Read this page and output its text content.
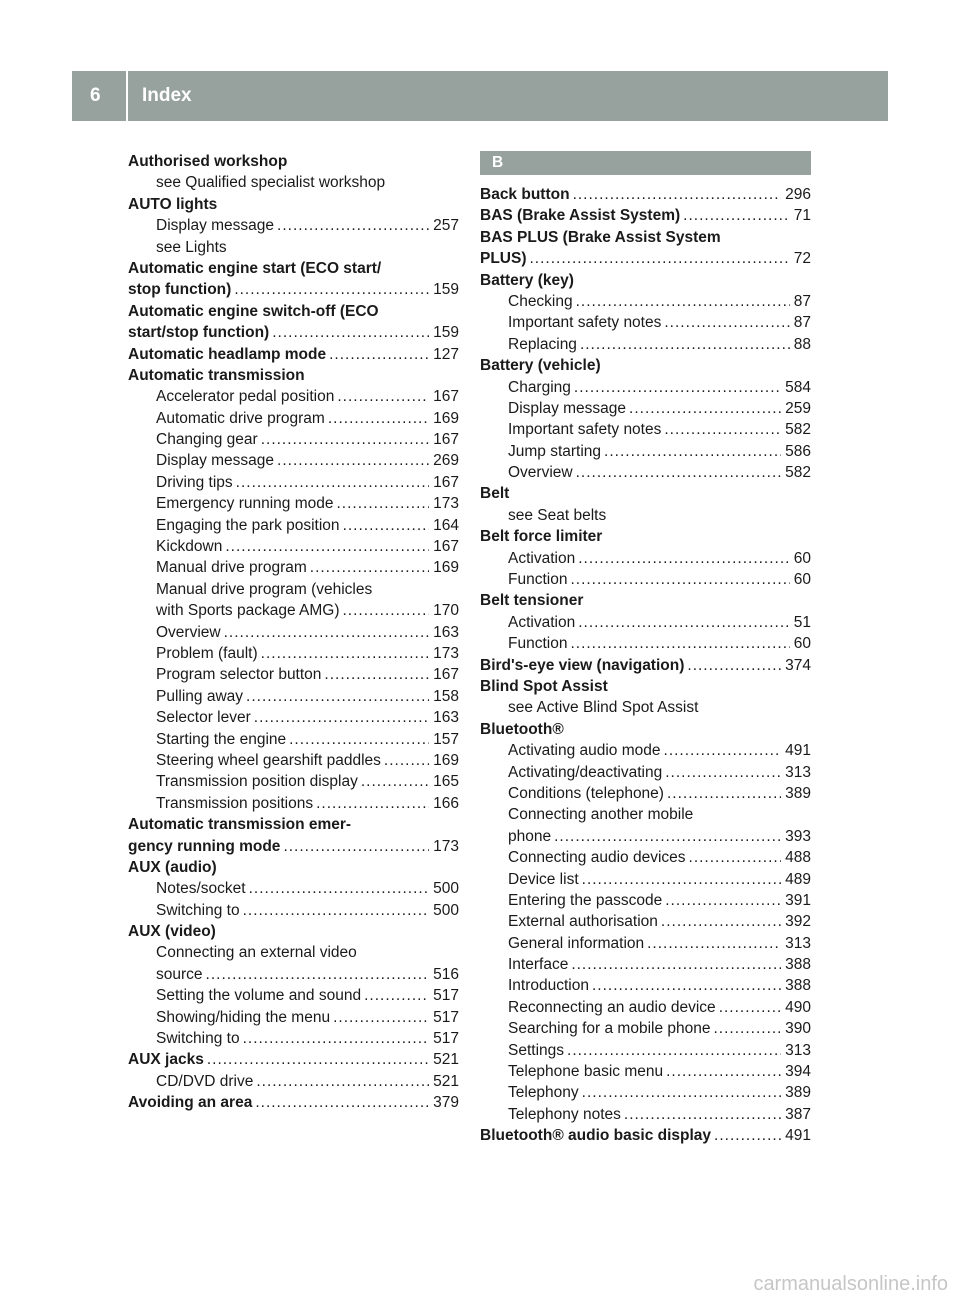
6	Index
Authorised workshop
see Qualified specialist workshop
AUTO lights
Display message .....	257
see Lights
Automatic engine start (ECO start/
stop function) .....	159
Automatic engine switch-off (ECO
start/stop function) .....	159
Automatic headlamp mode .....	127
Automatic transmission
Accelerator pedal position .....	167
Automatic drive program .....	169
Changing gear .....	167
Display message .....	269
Driving tips .....	167
Emergency running mode .....	173
Engaging the park position .....	164
Kickdown .....	167
Manual drive program .....	169
Manual drive program (vehicles
with Sports package AMG) .....	170
Overview .....	163
Problem (fault) .....	173
Program selector button .....	167
Pulling away .....	158
Selector lever .....	163
Starting the engine .....	157
Steering wheel gearshift paddles .....	169
Transmission position display .....	165
Transmission positions .....	166
Automatic transmission emer-
gency running mode .....	173
AUX (audio)
Notes/socket .....	500
Switching to .....	500
AUX (video)
Connecting an external video
source .....	516
Setting the volume and sound .....	517
Showing/hiding the menu .....	517
Switching to .....	517
AUX jacks .....	521
CD/DVD drive .....	521
Avoiding an area .....	379
B
Back button .....	296
BAS (Brake Assist System) .....	71
BAS PLUS (Brake Assist System
PLUS) .....	72
Battery (key)
Checking .....	87
Important safety notes .....	87
Replacing .....	88
Battery (vehicle)
Charging .....	584
Display message .....	259
Important safety notes .....	582
Jump starting .....	586
Overview .....	582
Belt
see Seat belts
Belt force limiter
Activation .....	60
Function .....	60
Belt tensioner
Activation .....	51
Function .....	60
Bird's-eye view (navigation) .....	374
Blind Spot Assist
see Active Blind Spot Assist
Bluetooth®
Activating audio mode .....	491
Activating/deactivating .....	313
Conditions (telephone) .....	389
Connecting another mobile
phone .....	393
Connecting audio devices .....	488
Device list .....	489
Entering the passcode .....	391
External authorisation .....	392
General information .....	313
Interface .....	388
Introduction .....	388
Reconnecting an audio device .....	490
Searching for a mobile phone .....	390
Settings .....	313
Telephone basic menu .....	394
Telephony .....	389
Telephony notes .....	387
Bluetooth® audio basic display .....	491
carmanualsonline.info
